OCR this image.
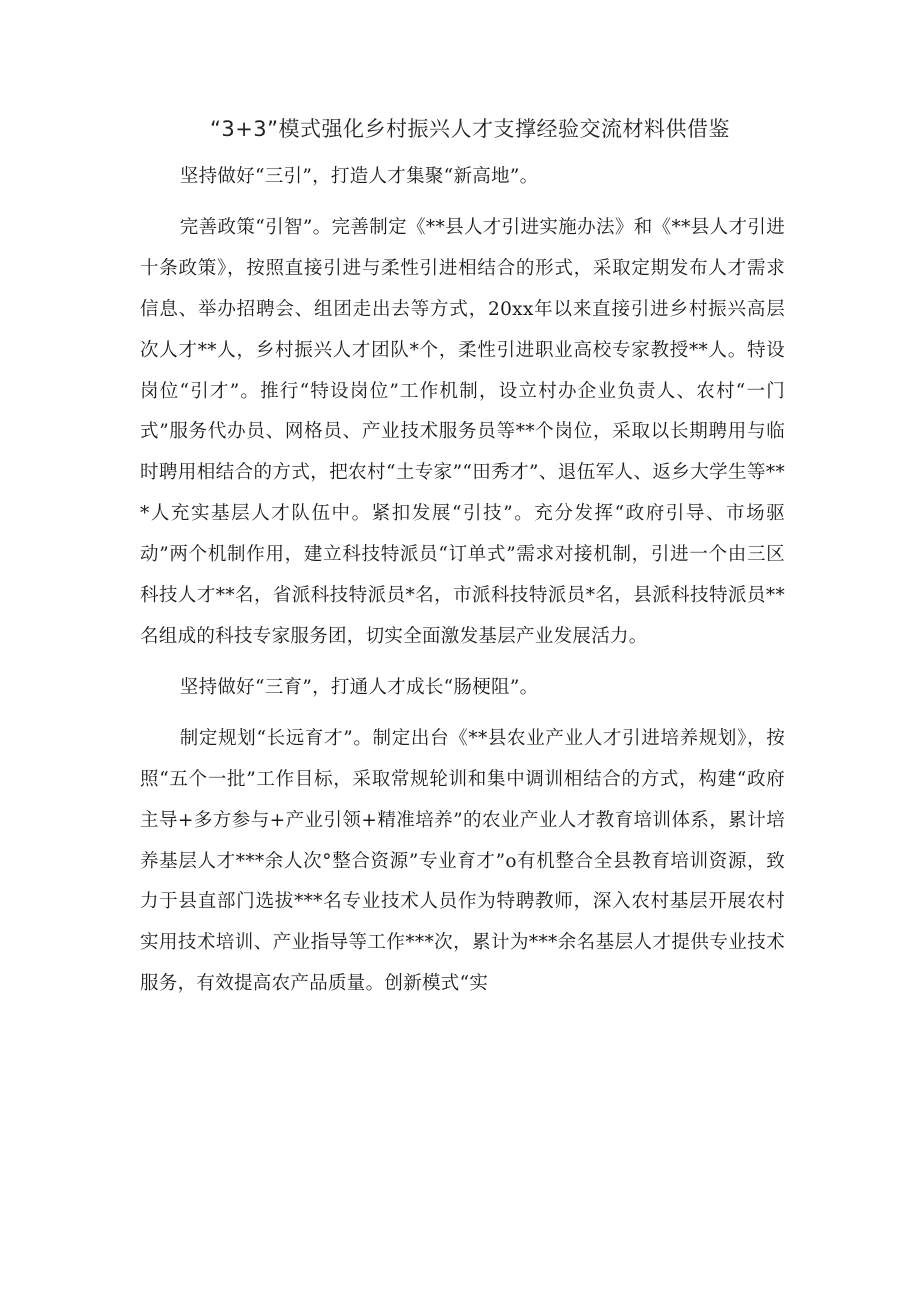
“3+3”模式强化乡村振兴人才支撑经验交流材料供借鉴

坚持做好“三引”，打造人才集聚“新高地”。

完善政策“引智”。完善制定《**县人才引进实施办法》和《**县人才引进十条政策》，按照直接引进与柔性引进相结合的形式，采取定期发布人才需求信息、举办招聘会、组团走出去等方式，20xx年以来直接引进乡村振兴高层次人才**人，乡村振兴人才团队*个，柔性引进职业高校专家教授**人。特设岗位“引才”。推行“特设岗位”工作机制，设立村办企业负责人、农村“一门式”服务代办员、网格员、产业技术服务员等**个岗位，采取以长期聘用与临时聘用相结合的方式，把农村“土专家”“田秀才”、退伍军人、返乡大学生等***人充实基层人才队伍中。紧扣发展“引技”。充分发挥“政府引导、市场驱动”两个机制作用，建立科技特派员“订单式”需求对接机制，引进一个由三区科技人才**名，省派科技特派员*名，市派科技特派员*名，县派科技特派员**名组成的科技专家服务团，切实全面激发基层产业发展活力。

坚持做好“三育”，打通人才成长“肠梗阻”。

制定规划“长远育才”。制定出台《**县农业产业人才引进培养规划》，按照“五个一批”工作目标，采取常规轮训和集中调训相结合的方式，构建“政府主导+多方参与+产业引领+精准培养”的农业产业人才教育培训体系，累计培养基层人才***余人次°整合资源”专业育才”o有机整合全县教育培训资源，致力于县直部门选拔***名专业技术人员作为特聘教师，深入农村基层开展农村实用技术培训、产业指导等工作***次，累计为***余名基层人才提供专业技术服务，有效提高农产品质量。创新模式“实
